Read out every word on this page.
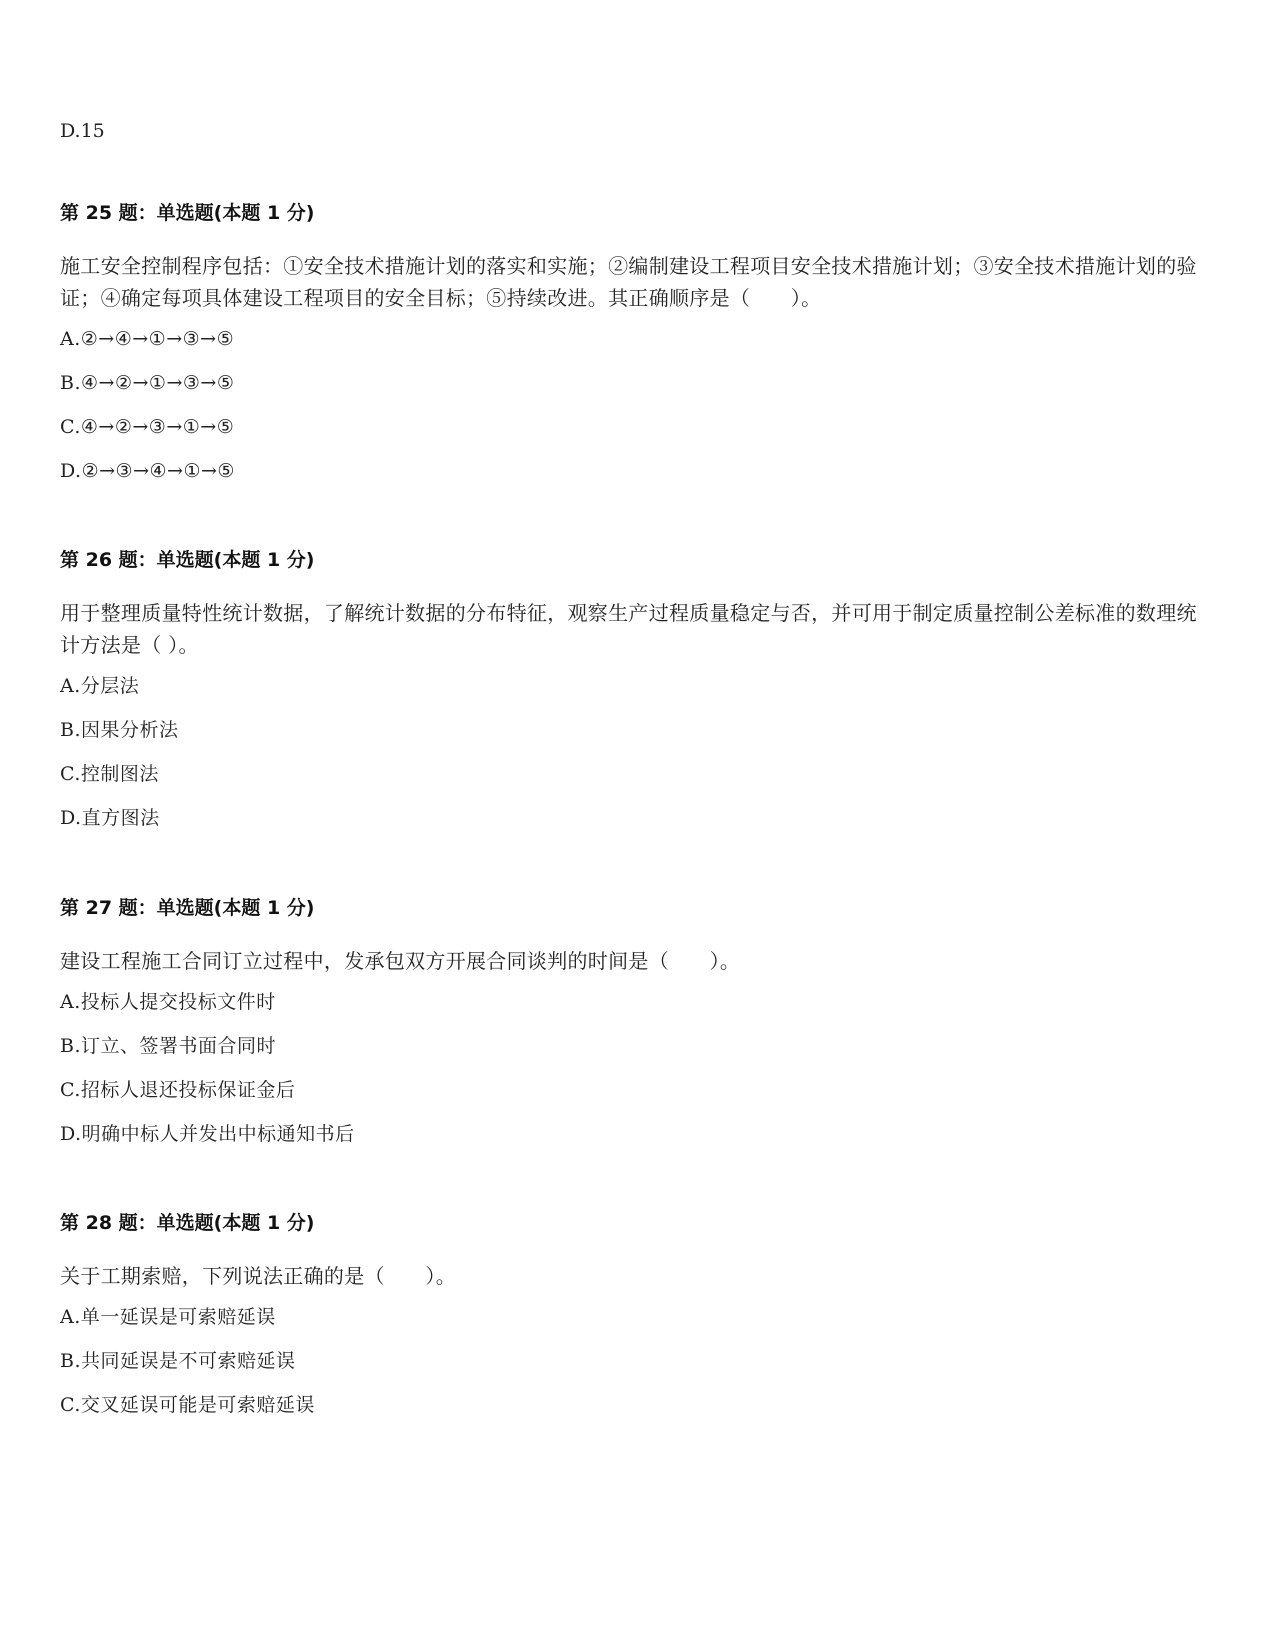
D.15
第 25 题：单选题(本题 1 分)
施工安全控制程序包括：①安全技术措施计划的落实和实施；②编制建设工程项目安全技术措施计划；③安全技术措施计划的验证；④确定每项具体建设工程项目的安全目标；⑤持续改进。其正确顺序是（　　）。
A.②→④→①→③→⑤
B.④→②→①→③→⑤
C.④→②→③→①→⑤
D.②→③→④→①→⑤
第 26 题：单选题(本题 1 分)
用于整理质量特性统计数据，了解统计数据的分布特征，观察生产过程质量稳定与否，并可用于制定质量控制公差标准的数理统计方法是（ ）。
A.分层法
B.因果分析法
C.控制图法
D.直方图法
第 27 题：单选题(本题 1 分)
建设工程施工合同订立过程中，发承包双方开展合同谈判的时间是（　　）。
A.投标人提交投标文件时
B.订立、签署书面合同时
C.招标人退还投标保证金后
D.明确中标人并发出中标通知书后
第 28 题：单选题(本题 1 分)
关于工期索赔，下列说法正确的是（　　）。
A.单一延误是可索赔延误
B.共同延误是不可索赔延误
C.交叉延误可能是可索赔延误
